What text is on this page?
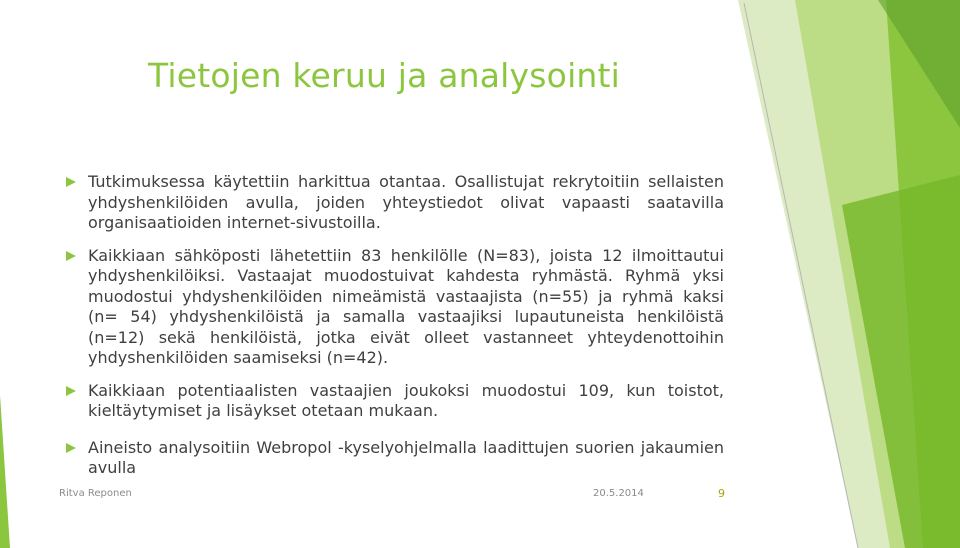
Tietojen keruu ja analysointi
Tutkimuksessa käytettiin harkittua otantaa. Osallistujat rekrytoitiin sellaisten yhdyshenkilöiden avulla, joiden yhteystiedot olivat vapaasti saatavilla organisaatioiden internet-sivustoilla.
Kaikkiaan sähköposti lähetettiin 83 henkilölle (N=83), joista 12 ilmoittautui yhdyshenkilöiksi. Vastaajat muodostuivat kahdesta ryhmästä. Ryhmä yksi muodostui yhdyshenkilöiden nimeämistä vastaajista (n=55) ja ryhmä kaksi (n= 54) yhdyshenkilöistä ja samalla vastaajiksi lupautuneista henkilöistä (n=12) sekä henkilöistä, jotka eivät olleet vastanneet yhteydenottoihin yhdyshenkilöiden saamiseksi (n=42).
Kaikkiaan potentiaalisten vastaajien joukoksi muodostui 109, kun toistot, kieltäytymiset ja lisäykset otetaan mukaan.
Aineisto analysoitiin Webropol -kyselyohjelmalla laadittujen suorien jakaumien avulla
Ritva Reponen	20.5.2014	9
